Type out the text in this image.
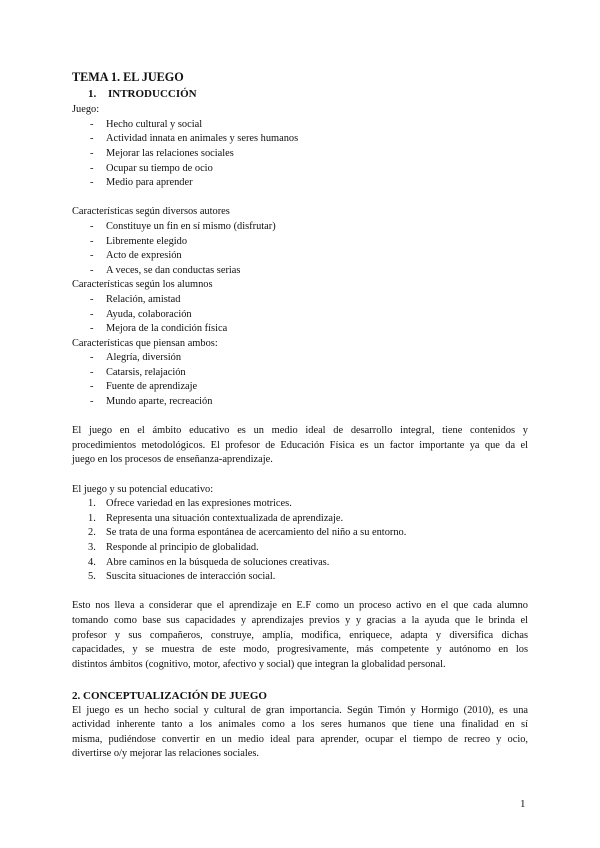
TEMA 1. EL JUEGO
1. INTRODUCCIÓN
Juego:
- Hecho cultural y social
- Actividad innata en animales y seres humanos
- Mejorar las relaciones sociales
- Ocupar su tiempo de ocio
- Medio para aprender
Características según diversos autores
- Constituye un fin en sí mismo (disfrutar)
- Libremente elegido
- Acto de expresión
- A veces, se dan conductas serias
Características según los alumnos
- Relación, amistad
- Ayuda, colaboración
- Mejora de la condición física
Características que piensan ambos:
- Alegría, diversión
- Catarsis, relajación
- Fuente de aprendizaje
- Mundo aparte, recreación
El juego en el ámbito educativo es un medio ideal de desarrollo integral, tiene contenidos y
procedimientos metodológicos. El profesor de Educación Física es un factor importante ya que da el
juego en los procesos de enseñanza-aprendizaje.
El juego y su potencial educativo:
1. Ofrece variedad en las expresiones motrices.
1. Representa una situación contextualizada de aprendizaje.
2. Se trata de una forma espontánea de acercamiento del niño a su entorno.
3. Responde al principio de globalidad.
4. Abre caminos en la búsqueda de soluciones creativas.
5. Suscita situaciones de interacción social.
Esto nos lleva a considerar que el aprendizaje en E.F como un proceso activo en el que cada alumno
tomando como base sus capacidades y aprendizajes previos y y gracias a la ayuda que le brinda el
profesor y sus compañeros, construye, amplía, modifica, enriquece, adapta y diversifica dichas
capacidades, y se muestra de este modo, progresivamente, más competente y autónomo en los
distintos ámbitos (cognitivo, motor, afectivo y social) que integran la globalidad personal.
2. CONCEPTUALIZACIÓN DE JUEGO
El juego es un hecho social y cultural de gran importancia. Según Timón y Hormigo (2010), es una
actividad inherente tanto a los animales como a los seres humanos que tiene una finalidad en sí
misma, pudiéndose convertir en un medio ideal para aprender, ocupar el tiempo de recreo y ocio,
divertirse o/y mejorar las relaciones sociales.
1
